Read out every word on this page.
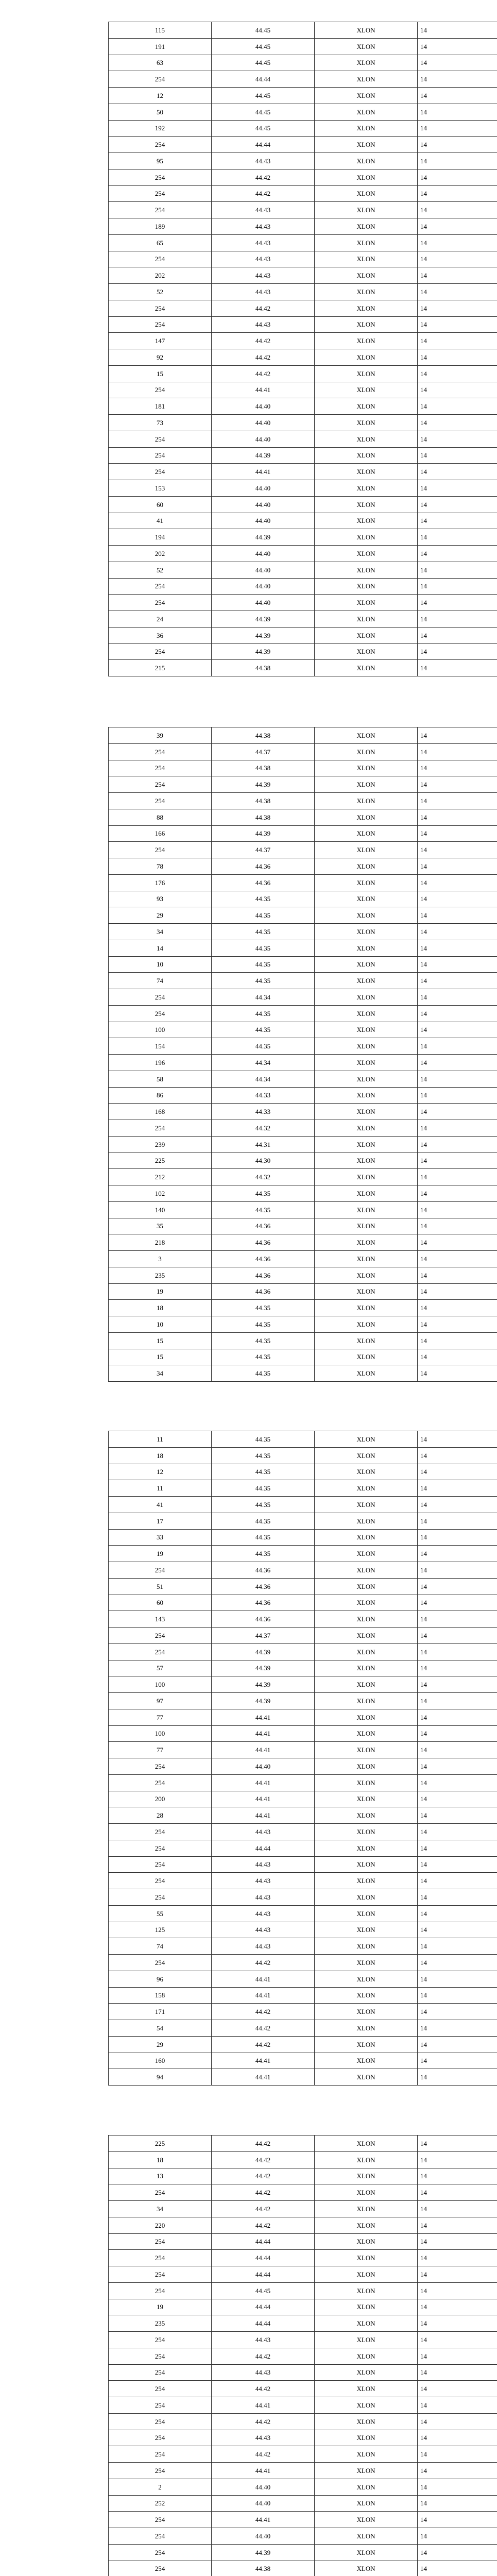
115	44.45	XLON	14
191	44.45	XLON	14
63	44.45	XLON	14
254	44.44	XLON	14
12	44.45	XLON	14
50	44.45	XLON	14
192	44.45	XLON	14
254	44.44	XLON	14
95	44.43	XLON	14
254	44.42	XLON	14
254	44.42	XLON	14
254	44.43	XLON	14
189	44.43	XLON	14
65	44.43	XLON	14
254	44.43	XLON	14
202	44.43	XLON	14
52	44.43	XLON	14
254	44.42	XLON	14
254	44.43	XLON	14
147	44.42	XLON	14
92	44.42	XLON	14
15	44.42	XLON	14
254	44.41	XLON	14
181	44.40	XLON	14
73	44.40	XLON	14
254	44.40	XLON	14
254	44.39	XLON	14
254	44.41	XLON	14
153	44.40	XLON	14
60	44.40	XLON	14
41	44.40	XLON	14
194	44.39	XLON	14
202	44.40	XLON	14
52	44.40	XLON	14
254	44.40	XLON	14
254	44.40	XLON	14
24	44.39	XLON	14
36	44.39	XLON	14
254	44.39	XLON	14
215	44.38	XLON	14
39	44.38	XLON	14
254	44.37	XLON	14
254	44.38	XLON	14
254	44.39	XLON	14
254	44.38	XLON	14
88	44.38	XLON	14
166	44.39	XLON	14
254	44.37	XLON	14
78	44.36	XLON	14
176	44.36	XLON	14
93	44.35	XLON	14
29	44.35	XLON	14
34	44.35	XLON	14
14	44.35	XLON	14
10	44.35	XLON	14
74	44.35	XLON	14
254	44.34	XLON	14
254	44.35	XLON	14
100	44.35	XLON	14
154	44.35	XLON	14
196	44.34	XLON	14
58	44.34	XLON	14
86	44.33	XLON	14
168	44.33	XLON	14
254	44.32	XLON	14
239	44.31	XLON	14
225	44.30	XLON	14
212	44.32	XLON	14
102	44.35	XLON	14
140	44.35	XLON	14
35	44.36	XLON	14
218	44.36	XLON	14
3	44.36	XLON	14
235	44.36	XLON	14
19	44.36	XLON	14
18	44.35	XLON	14
10	44.35	XLON	14
15	44.35	XLON	14
15	44.35	XLON	14
34	44.35	XLON	14
11	44.35	XLON	14
18	44.35	XLON	14
12	44.35	XLON	14
11	44.35	XLON	14
41	44.35	XLON	14
17	44.35	XLON	14
33	44.35	XLON	14
19	44.35	XLON	14
254	44.36	XLON	14
51	44.36	XLON	14
60	44.36	XLON	14
143	44.36	XLON	14
254	44.37	XLON	14
254	44.39	XLON	14
57	44.39	XLON	14
100	44.39	XLON	14
97	44.39	XLON	14
77	44.41	XLON	14
100	44.41	XLON	14
77	44.41	XLON	14
254	44.40	XLON	14
254	44.41	XLON	14
200	44.41	XLON	14
28	44.41	XLON	14
254	44.43	XLON	14
254	44.44	XLON	14
254	44.43	XLON	14
254	44.43	XLON	14
254	44.43	XLON	14
55	44.43	XLON	14
125	44.43	XLON	14
74	44.43	XLON	14
254	44.42	XLON	14
96	44.41	XLON	14
158	44.41	XLON	14
171	44.42	XLON	14
54	44.42	XLON	14
29	44.42	XLON	14
160	44.41	XLON	14
94	44.41	XLON	14
225	44.42	XLON	14
18	44.42	XLON	14
13	44.42	XLON	14
254	44.42	XLON	14
34	44.42	XLON	14
220	44.42	XLON	14
254	44.44	XLON	14
254	44.44	XLON	14
254	44.44	XLON	14
254	44.45	XLON	14
19	44.44	XLON	14
235	44.44	XLON	14
254	44.43	XLON	14
254	44.42	XLON	14
254	44.43	XLON	14
254	44.42	XLON	14
254	44.41	XLON	14
254	44.42	XLON	14
254	44.43	XLON	14
254	44.42	XLON	14
254	44.41	XLON	14
2	44.40	XLON	14
252	44.40	XLON	14
254	44.41	XLON	14
254	44.40	XLON	14
254	44.39	XLON	14
254	44.38	XLON	14
